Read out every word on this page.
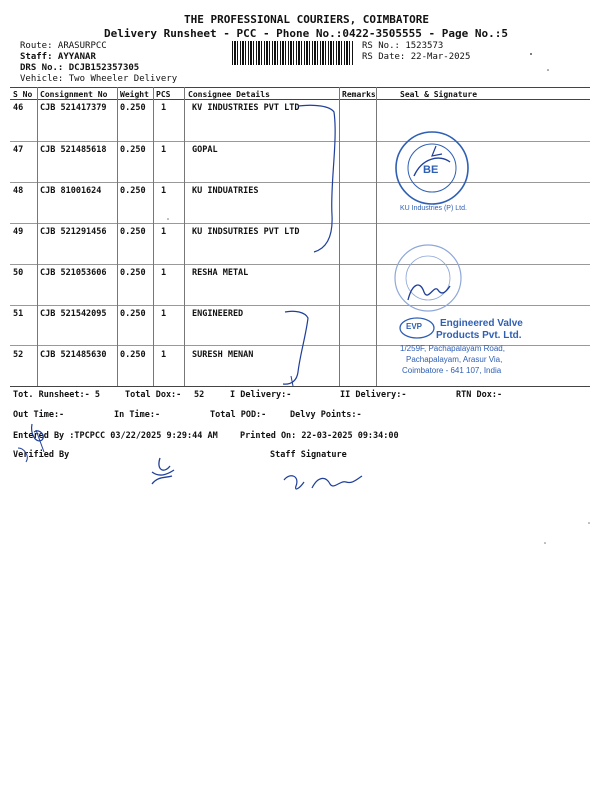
THE PROFESSIONAL COURIERS, COIMBATORE
Delivery Runsheet - PCC - Phone No.:0422-3505555 - Page No.:5
Route: ARASURPCC
Staff: AYYANAR
DRS No.: DCJB152357305
Vehicle: Two Wheeler Delivery
RS No.: 1523573
RS Date: 22-Mar-2025
S No Consignment No Weight PCS Consignee Details	Remarks	Seal & Signature
46 CJB 521417379 0.250 1	KV INDUSTRIES PVT LTD
47 CJB 521485618 0.250 1	GOPAL
48 CJB 81001624 0.250 1	KU INDUATRIES
49 CJB 521291456 0.250 1	KU INDSUTRIES PVT LTD
50 CJB 521053606 0.250 1	RESHA METAL
51 CJB 521542095 0.250 1	ENGINEERED
52 CJB 521485630 0.250 1	SURESH MENAN
BE
KU Industries (P) Ltd.
EVP Engineered Valve
Products Pvt. Ltd.
1/259F, Pachapalayam Road,
Pachapalayam, Arasur Via,
Coimbatore - 641 107, India
Tot. Runsheet:- 5	Total Dox:- 52	I Delivery:-	II Delivery:-	RTN Dox:-
Out Time:-	In Time:-	Total POD:-	Delvy Points:-
Entered By :TPCPCC 03/22/2025 9:29:44 AM	Printed On: 22-03-2025 09:34:00
Verified By	Staff Signature
